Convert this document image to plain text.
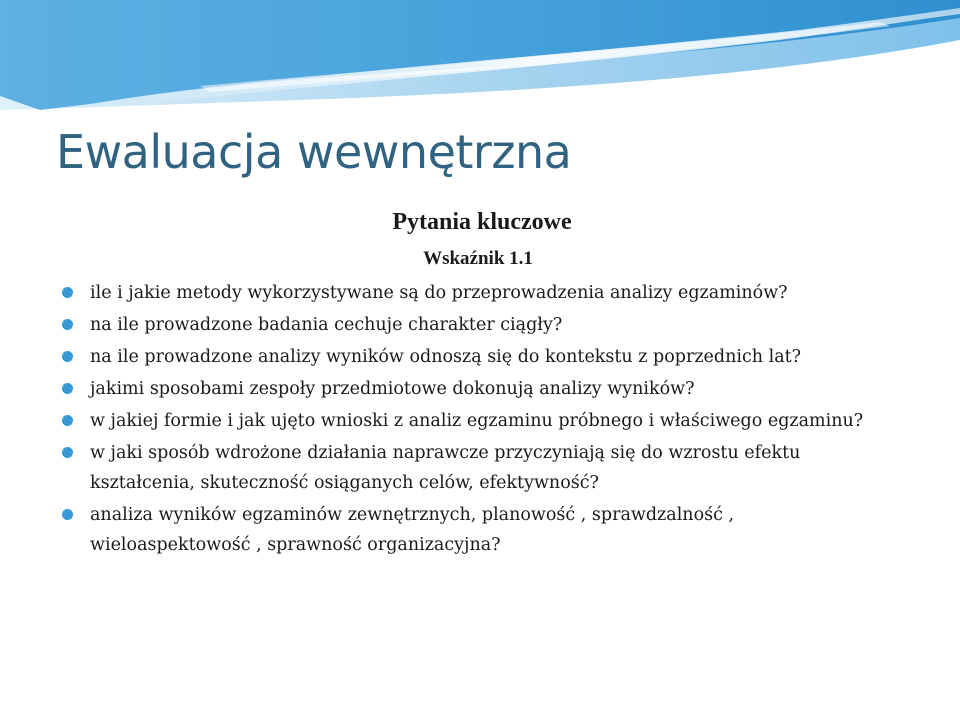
Ewaluacja wewnętrzna

Pytania kluczowe

Wskaźnik 1.1

ile i jakie metody wykorzystywane są do przeprowadzenia analizy egzaminów?
na ile prowadzone badania cechuje charakter ciągły?
na ile prowadzone analizy wyników odnoszą się do kontekstu z poprzednich lat?
jakimi sposobami zespoły przedmiotowe dokonują analizy wyników?
w jakiej formie i jak ujęto wnioski z analiz egzaminu próbnego i właściwego egzaminu?
w jaki sposób wdrożone działania naprawcze przyczyniają się do wzrostu efektu kształcenia, skuteczność osiąganych celów, efektywność?
analiza wyników egzaminów zewnętrznych, planowość , sprawdzalność , wieloaspektowość , sprawność organizacyjna?
